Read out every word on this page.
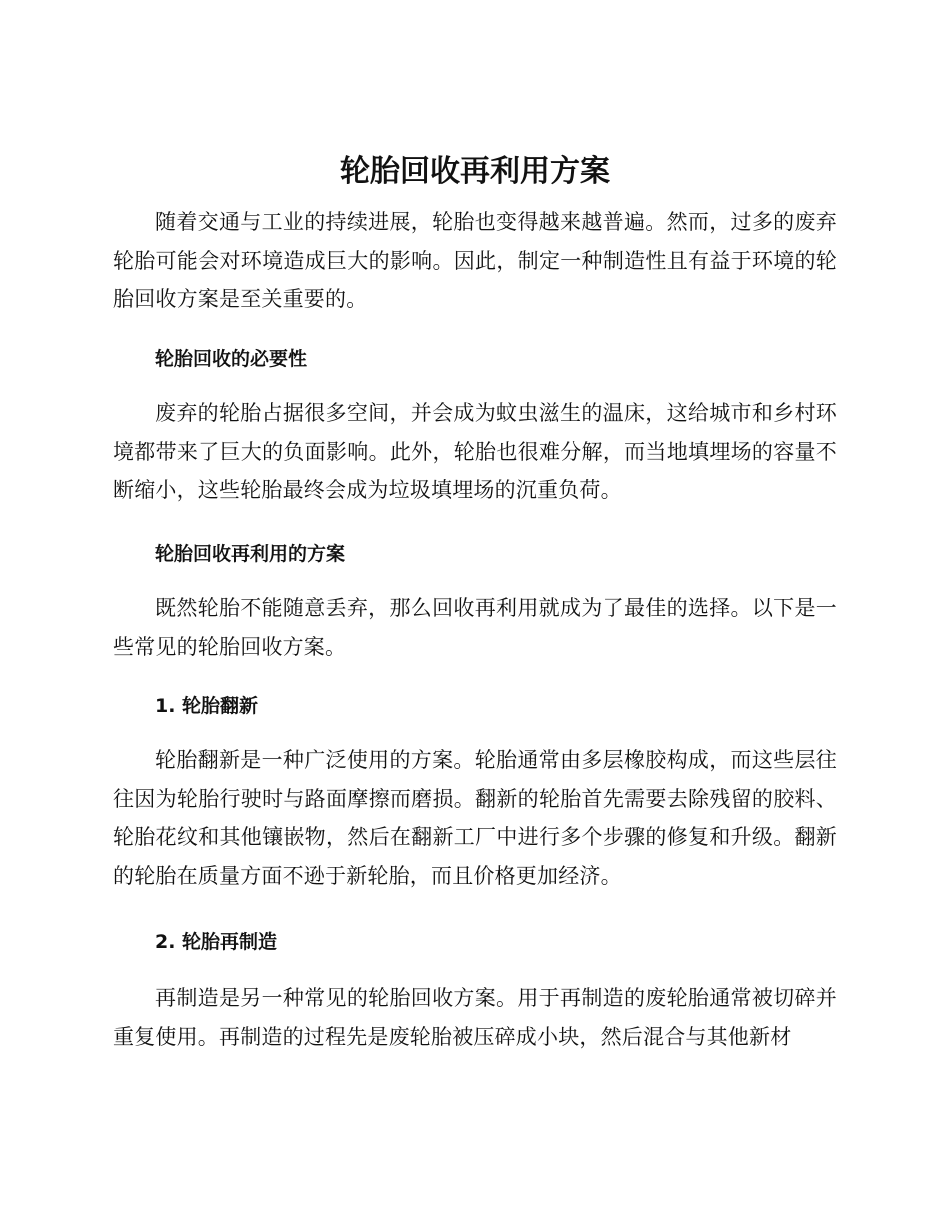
轮胎回收再利用方案

随着交通与工业的持续进展，轮胎也变得越来越普遍。然而，过多的废弃轮胎可能会对环境造成巨大的影响。因此，制定一种制造性且有益于环境的轮胎回收方案是至关重要的。

轮胎回收的必要性

废弃的轮胎占据很多空间，并会成为蚊虫滋生的温床，这给城市和乡村环境都带来了巨大的负面影响。此外，轮胎也很难分解，而当地填埋场的容量不断缩小，这些轮胎最终会成为垃圾填埋场的沉重负荷。

轮胎回收再利用的方案

既然轮胎不能随意丢弃，那么回收再利用就成为了最佳的选择。以下是一些常见的轮胎回收方案。

1. 轮胎翻新

轮胎翻新是一种广泛使用的方案。轮胎通常由多层橡胶构成，而这些层往往因为轮胎行驶时与路面摩擦而磨损。翻新的轮胎首先需要去除残留的胶料、轮胎花纹和其他镶嵌物，然后在翻新工厂中进行多个步骤的修复和升级。翻新的轮胎在质量方面不逊于新轮胎，而且价格更加经济。

2. 轮胎再制造

再制造是另一种常见的轮胎回收方案。用于再制造的废轮胎通常被切碎并重复使用。再制造的过程先是废轮胎被压碎成小块，然后混合与其他新材
